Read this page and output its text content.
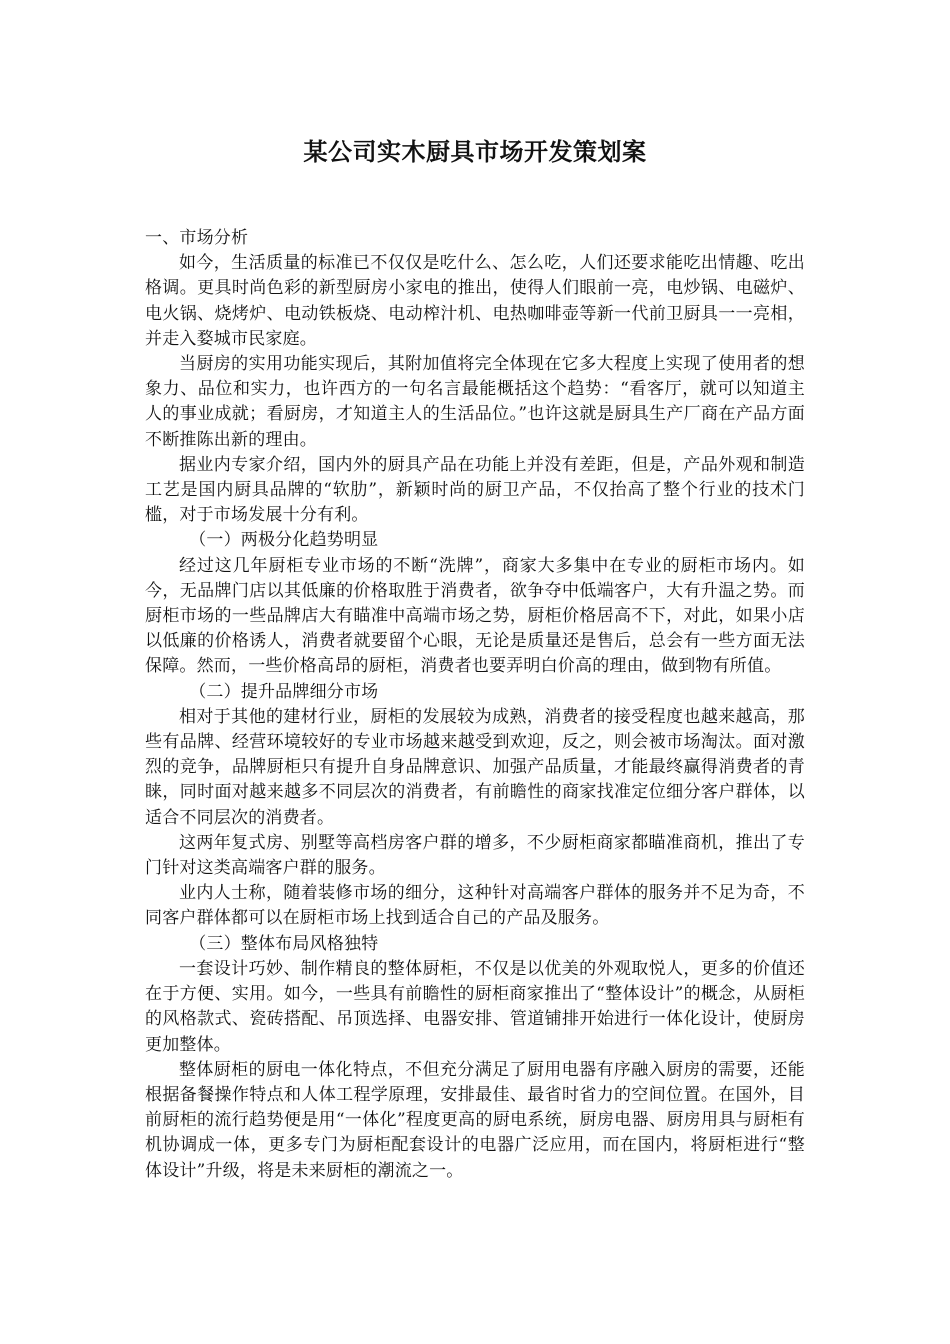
某公司实木厨具市场开发策划案

一、市场分析

如今，生活质量的标准已不仅仅是吃什么、怎么吃，人们还要求能吃出情趣、吃出格调。更具时尚色彩的新型厨房小家电的推出，使得人们眼前一亮，电炒锅、电磁炉、电火锅、烧烤炉、电动铁板烧、电动榨汁机、电热咖啡壶等新一代前卫厨具一一亮相，并走入婺城市民家庭。

当厨房的实用功能实现后，其附加值将完全体现在它多大程度上实现了使用者的想象力、品位和实力，也许西方的一句名言最能概括这个趋势：“看客厅，就可以知道主人的事业成就；看厨房，才知道主人的生活品位。”也许这就是厨具生产厂商在产品方面不断推陈出新的理由。

据业内专家介绍，国内外的厨具产品在功能上并没有差距，但是，产品外观和制造工艺是国内厨具品牌的“软肋”，新颖时尚的厨卫产品，不仅抬高了整个行业的技术门槛，对于市场发展十分有利。

（一）两极分化趋势明显

经过这几年厨柜专业市场的不断“洗牌”，商家大多集中在专业的厨柜市场内。如今，无品牌门店以其低廉的价格取胜于消费者，欲争夺中低端客户，大有升温之势。而厨柜市场的一些品牌店大有瞄准中高端市场之势，厨柜价格居高不下，对此，如果小店以低廉的价格诱人，消费者就要留个心眼，无论是质量还是售后，总会有一些方面无法保障。然而，一些价格高昂的厨柜，消费者也要弄明白价高的理由，做到物有所值。

（二）提升品牌细分市场

相对于其他的建材行业，厨柜的发展较为成熟，消费者的接受程度也越来越高，那些有品牌、经营环境较好的专业市场越来越受到欢迎，反之，则会被市场淘汰。面对激烈的竞争，品牌厨柜只有提升自身品牌意识、加强产品质量，才能最终赢得消费者的青睐，同时面对越来越多不同层次的消费者，有前瞻性的商家找准定位细分客户群体，以适合不同层次的消费者。

这两年复式房、别墅等高档房客户群的增多，不少厨柜商家都瞄准商机，推出了专门针对这类高端客户群的服务。

业内人士称，随着装修市场的细分，这种针对高端客户群体的服务并不足为奇，不同客户群体都可以在厨柜市场上找到适合自己的产品及服务。

（三）整体布局风格独特

一套设计巧妙、制作精良的整体厨柜，不仅是以优美的外观取悦人，更多的价值还在于方便、实用。如今，一些具有前瞻性的厨柜商家推出了“整体设计”的概念，从厨柜的风格款式、瓷砖搭配、吊顶选择、电器安排、管道铺排开始进行一体化设计，使厨房更加整体。

整体厨柜的厨电一体化特点，不但充分满足了厨用电器有序融入厨房的需要，还能根据备餐操作特点和人体工程学原理，安排最佳、最省时省力的空间位置。在国外，目前厨柜的流行趋势便是用“一体化”程度更高的厨电系统，厨房电器、厨房用具与厨柜有机协调成一体，更多专门为厨柜配套设计的电器广泛应用，而在国内，将厨柜进行“整体设计”升级，将是未来厨柜的潮流之一。
